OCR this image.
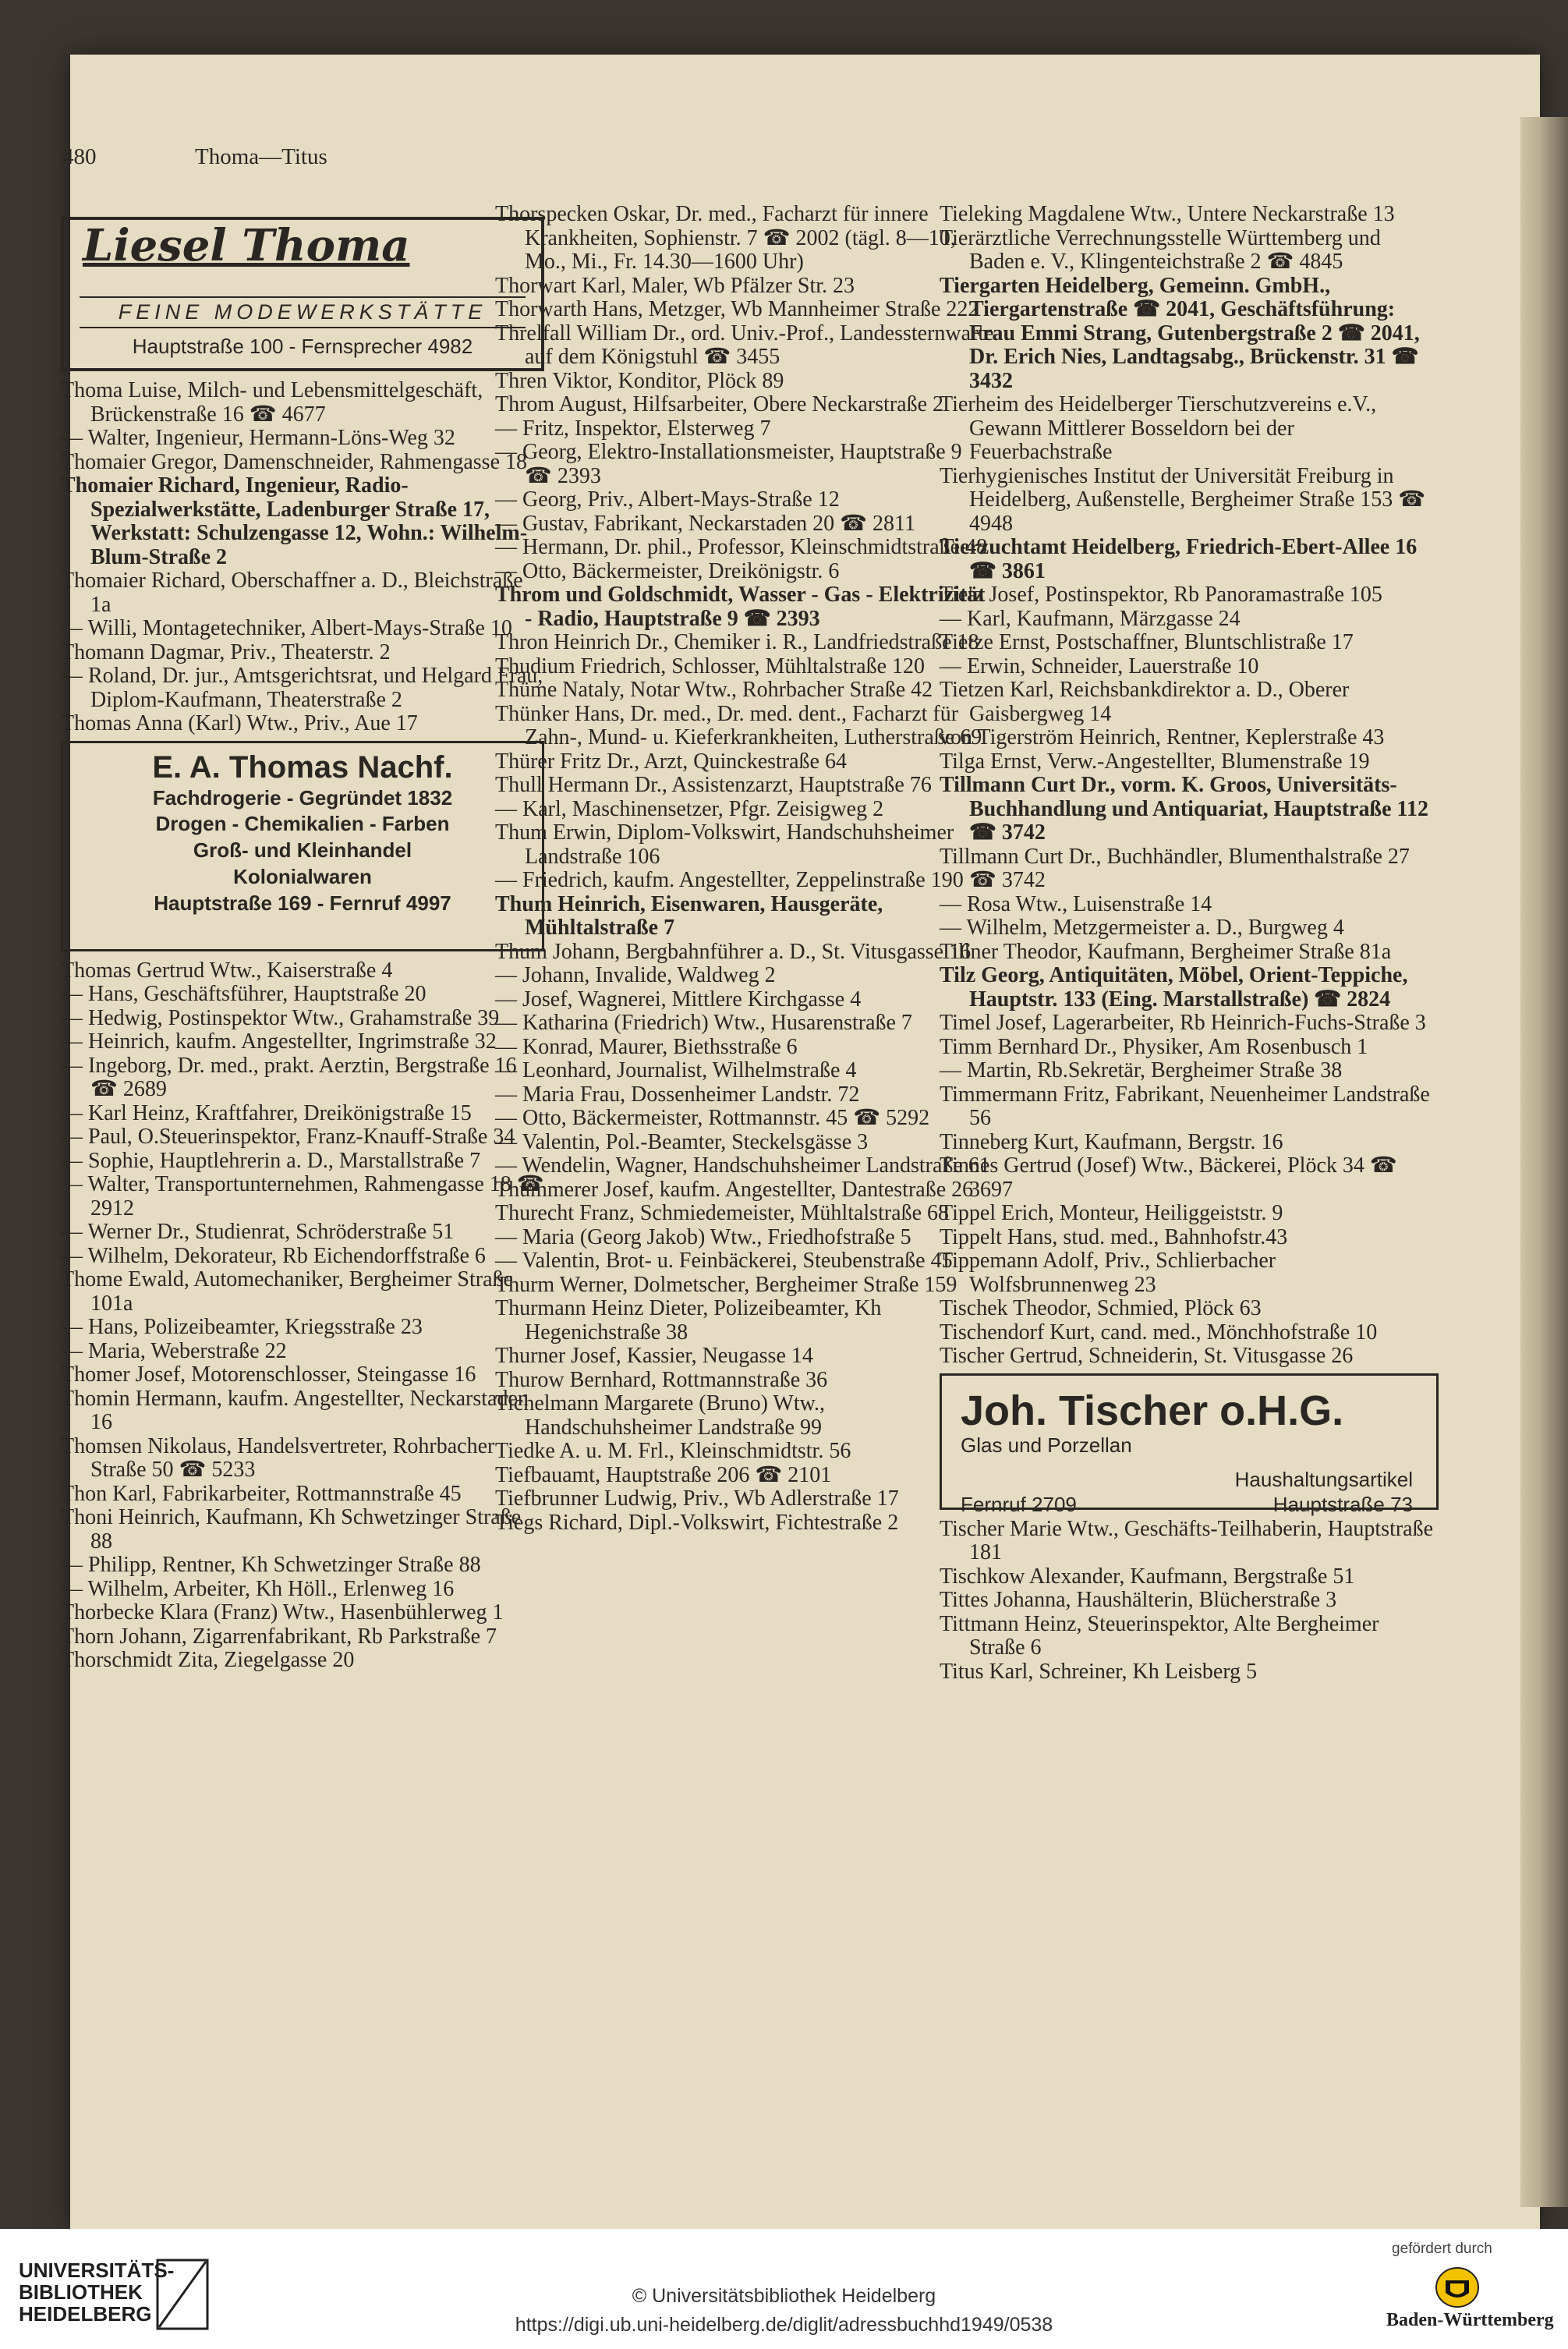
480	Thoma—Titus
Liesel Thoma
FEINE MODEWERKSTÄTTE
Hauptstraße 100 - Fernsprecher 4982

Thoma Luise, Milch- und Lebensmittelgeschäft, Brückenstraße 16 ☎ 4677

— Walter, Ingenieur, Hermann-Löns-Weg 32

Thomaier Gregor, Damenschneider, Rahmengasse 18

Thomaier Richard, Ingenieur, Radio-Spezialwerkstätte, Ladenburger Straße 17, Werkstatt: Schulzengasse 12, Wohn.: Wilhelm-Blum-Straße 2

Thomaier Richard, Oberschaffner a. D., Bleichstraße 1a

— Willi, Montagetechniker, Albert-Mays-Straße 10

Thomann Dagmar, Priv., Theaterstr. 2

— Roland, Dr. jur., Amtsgerichtsrat, und Helgard Frau, Diplom-Kaufmann, Theaterstraße 2

Thomas Anna (Karl) Wtw., Priv., Aue 17

E. A. Thomas Nachf.
Fachdrogerie - Gegründet 1832
Drogen - Chemikalien - Farben
Groß- und Kleinhandel
Kolonialwaren
Hauptstraße 169 - Fernruf 4997

Thomas Gertrud Wtw., Kaiserstraße 4

— Hans, Geschäftsführer, Hauptstraße 20

— Hedwig, Postinspektor Wtw., Grahamstraße 39

— Heinrich, kaufm. Angestellter, Ingrimstraße 32

— Ingeborg, Dr. med., prakt. Aerztin, Bergstraße 16 ☎ 2689

— Karl Heinz, Kraftfahrer, Dreikönigstraße 15

— Paul, O.Steuerinspektor, Franz-Knauff-Straße 34

— Sophie, Hauptlehrerin a. D., Marstallstraße 7

— Walter, Transportunternehmen, Rahmengasse 18 ☎ 2912

— Werner Dr., Studienrat, Schröderstraße 51

— Wilhelm, Dekorateur, Rb Eichendorffstraße 6

Thome Ewald, Automechaniker, Bergheimer Straße 101a

— Hans, Polizeibeamter, Kriegsstraße 23

— Maria, Weberstraße 22

Thomer Josef, Motorenschlosser, Steingasse 16

Thomin Hermann, kaufm. Angestellter, Neckarstaden 16

Thomsen Nikolaus, Handelsvertreter, Rohrbacher Straße 50 ☎ 5233

Thon Karl, Fabrikarbeiter, Rottmannstraße 45

Thoni Heinrich, Kaufmann, Kh Schwetzinger Straße 88

— Philipp, Rentner, Kh Schwetzinger Straße 88

— Wilhelm, Arbeiter, Kh Höll., Erlenweg 16

Thorbecke Klara (Franz) Wtw., Hasenbühlerweg 1

Thorn Johann, Zigarrenfabrikant, Rb Parkstraße 7

Thorschmidt Zita, Ziegelgasse 20

Thorspecken Oskar, Dr. med., Facharzt für innere Krankheiten, Sophienstr. 7 ☎ 2002 (tägl. 8—10, Mo., Mi., Fr. 14.30—1600 Uhr)

Thorwart Karl, Maler, Wb Pfälzer Str. 23

Thorwarth Hans, Metzger, Wb Mannheimer Straße 222

Threlfall William Dr., ord. Univ.-Prof., Landessternwarte auf dem Königstuhl ☎ 3455

Thren Viktor, Konditor, Plöck 89

Throm August, Hilfsarbeiter, Obere Neckarstraße 2

— Fritz, Inspektor, Elsterweg 7

— Georg, Elektro-Installationsmeister, Hauptstraße 9 ☎ 2393

— Georg, Priv., Albert-Mays-Straße 12

— Gustav, Fabrikant, Neckarstaden 20 ☎ 2811

— Hermann, Dr. phil., Professor, Kleinschmidtstraße 48

— Otto, Bäckermeister, Dreikönigstr. 6

Throm und Goldschmidt, Wasser - Gas - Elektrizität - Radio, Hauptstraße 9 ☎ 2393

Thron Heinrich Dr., Chemiker i. R., Landfriedstraße 18

Thudium Friedrich, Schlosser, Mühltalstraße 120

Thüme Nataly, Notar Wtw., Rohrbacher Straße 42

Thünker Hans, Dr. med., Dr. med. dent., Facharzt für Zahn-, Mund- u. Kieferkrankheiten, Lutherstraße 69

Thürer Fritz Dr., Arzt, Quinckestraße 64

Thull Hermann Dr., Assistenzarzt, Hauptstraße 76

— Karl, Maschinensetzer, Pfgr. Zeisigweg 2

Thum Erwin, Diplom-Volkswirt, Handschuhsheimer Landstraße 106

— Friedrich, kaufm. Angestellter, Zeppelinstraße 190

Thum Heinrich, Eisenwaren, Hausgeräte, Mühltalstraße 7

Thum Johann, Bergbahnführer a. D., St. Vitusgasse 16

— Johann, Invalide, Waldweg 2

— Josef, Wagnerei, Mittlere Kirchgasse 4

— Katharina (Friedrich) Wtw., Husarenstraße 7

— Konrad, Maurer, Biethsstraße 6

— Leonhard, Journalist, Wilhelmstraße 4

— Maria Frau, Dossenheimer Landstr. 72

— Otto, Bäckermeister, Rottmannstr. 45 ☎ 5292

— Valentin, Pol.-Beamter, Steckelsgässe 3

— Wendelin, Wagner, Handschuhsheimer Landstraße 61

Thummerer Josef, kaufm. Angestellter, Dantestraße 26

Thurecht Franz, Schmiedemeister, Mühltalstraße 68

— Maria (Georg Jakob) Wtw., Friedhofstraße 5

— Valentin, Brot- u. Feinbäckerei, Steubenstraße 45

Thurm Werner, Dolmetscher, Bergheimer Straße 159

Thurmann Heinz Dieter, Polizeibeamter, Kh Hegenichstraße 38

Thurner Josef, Kassier, Neugasse 14

Thurow Bernhard, Rottmannstraße 36

Tichelmann Margarete (Bruno) Wtw., Handschuhsheimer Landstraße 99

Tiedke A. u. M. Frl., Kleinschmidtstr. 56

Tiefbauamt, Hauptstraße 206 ☎ 2101

Tiefbrunner Ludwig, Priv., Wb Adlerstraße 17

Tiegs Richard, Dipl.-Volkswirt, Fichtestraße 2

Tieleking Magdalene Wtw., Untere Neckarstraße 13

Tierärztliche Verrechnungsstelle Württemberg und Baden e. V., Klingenteichstraße 2 ☎ 4845

Tiergarten Heidelberg, Gemeinn. GmbH., Tiergartenstraße ☎ 2041, Geschäftsführung: Frau Emmi Strang, Gutenbergstraße 2 ☎ 2041, Dr. Erich Nies, Landtagsabg., Brückenstr. 31 ☎ 3432

Tierheim des Heidelberger Tierschutzvereins e.V., Gewann Mittlerer Bosseldorn bei der Feuerbachstraße

Tierhygienisches Institut der Universität Freiburg in Heidelberg, Außenstelle, Bergheimer Straße 153 ☎ 4948

Tierzuchtamt Heidelberg, Friedrich-Ebert-Allee 16 ☎ 3861

Tietz Josef, Postinspektor, Rb Panoramastraße 105

— Karl, Kaufmann, Märzgasse 24

Tietze Ernst, Postschaffner, Bluntschlistraße 17

— Erwin, Schneider, Lauerstraße 10

Tietzen Karl, Reichsbankdirektor a. D., Oberer Gaisbergweg 14

von Tigerström Heinrich, Rentner, Keplerstraße 43

Tilga Ernst, Verw.-Angestellter, Blumenstraße 19

Tillmann Curt Dr., vorm. K. Groos, Universitäts-Buchhandlung und Antiquariat, Hauptstraße 112 ☎ 3742

Tillmann Curt Dr., Buchhändler, Blumenthalstraße 27 ☎ 3742

— Rosa Wtw., Luisenstraße 14

— Wilhelm, Metzgermeister a. D., Burgweg 4

Tillner Theodor, Kaufmann, Bergheimer Straße 81a

Tilz Georg, Antiquitäten, Möbel, Orient-Teppiche, Hauptstr. 133 (Eing. Marstallstraße) ☎ 2824

Timel Josef, Lagerarbeiter, Rb Heinrich-Fuchs-Straße 3

Timm Bernhard Dr., Physiker, Am Rosenbusch 1

— Martin, Rb.Sekretär, Bergheimer Straße 38

Timmermann Fritz, Fabrikant, Neuenheimer Landstraße 56

Tinneberg Kurt, Kaufmann, Bergstr. 16

Tinnes Gertrud (Josef) Wtw., Bäckerei, Plöck 34 ☎ 3697

Tippel Erich, Monteur, Heiliggeiststr. 9

Tippelt Hans, stud. med., Bahnhofstr.43

Tippemann Adolf, Priv., Schlierbacher Wolfsbrunnenweg 23

Tischek Theodor, Schmied, Plöck 63

Tischendorf Kurt, cand. med., Mönchhofstraße 10

Tischer Gertrud, Schneiderin, St. Vitusgasse 26

Joh. Tischer o.H.G.
Glas und Porzellan
Haushaltungsartikel
Fernruf 2709	Hauptstraße 73

Tischer Marie Wtw., Geschäfts-Teilhaberin, Hauptstraße 181

Tischkow Alexander, Kaufmann, Bergstraße 51

Tittes Johanna, Haushälterin, Blücherstraße 3

Tittmann Heinz, Steuerinspektor, Alte Bergheimer Straße 6

Titus Karl, Schreiner, Kh Leisberg 5

UNIVERSITÄTS-
BIBLIOTHEK
HEIDELBERG
© Universitätsbibliothek Heidelberg
https://digi.ub.uni-heidelberg.de/diglit/adressbuchhd1949/0538
gefördert durch
Baden-Württemberg
